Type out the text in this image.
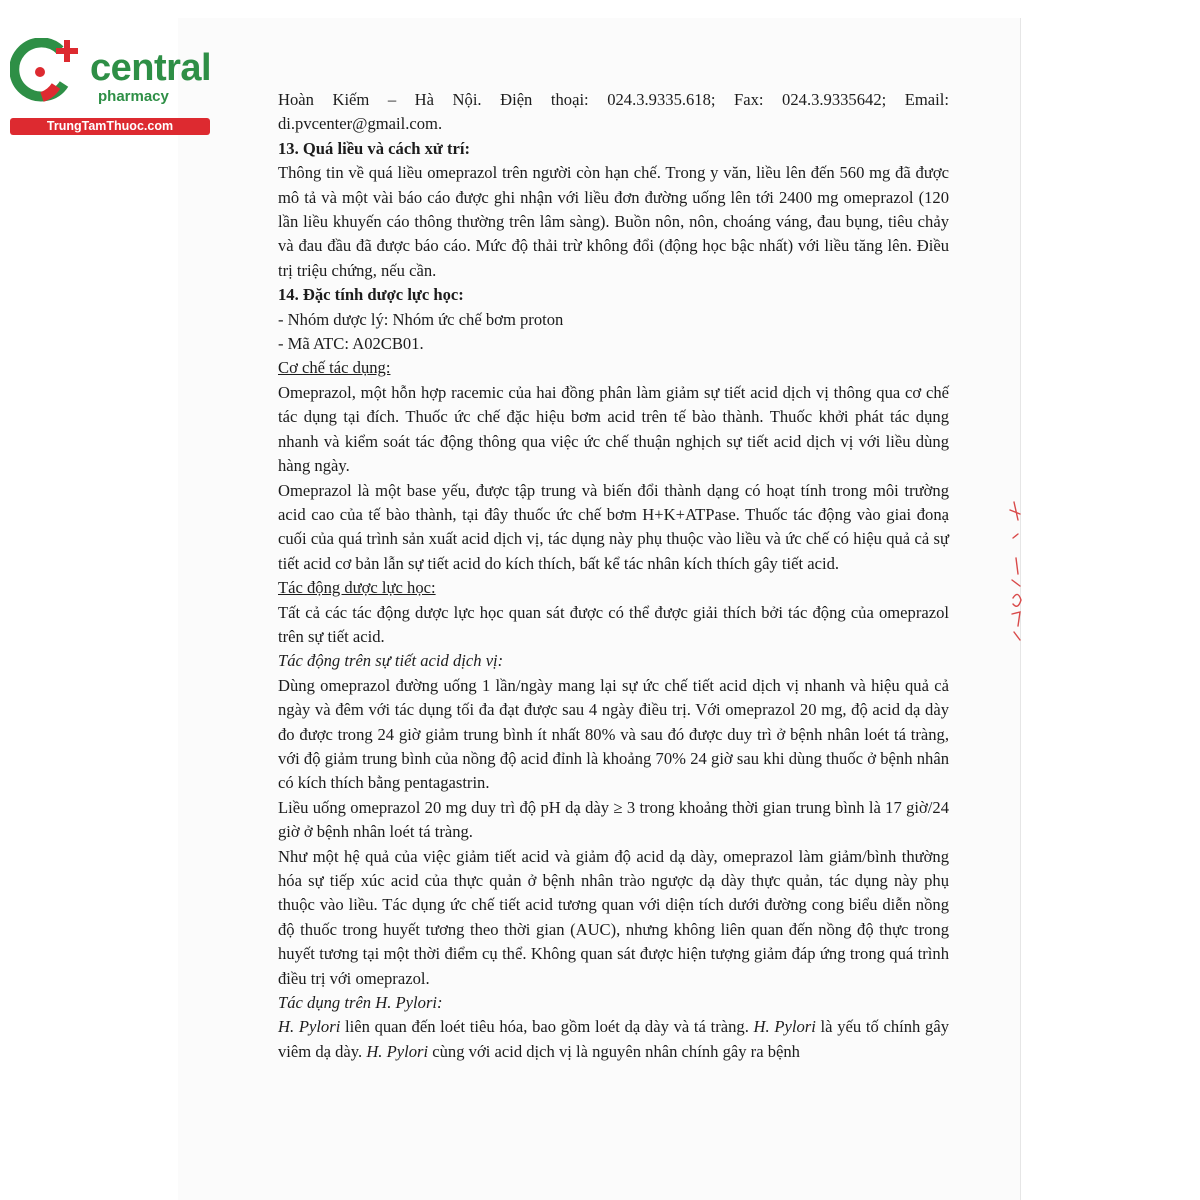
central
pharmacy
TrungTamThuoc.com

Hoàn Kiếm – Hà Nội. Điện thoại: 024.3.9335.618; Fax: 024.3.9335642; Email: di.pvcenter@gmail.com.

13. Quá liều và cách xử trí:

Thông tin về quá liều omeprazol trên người còn hạn chế. Trong y văn, liều lên đến 560 mg đã được mô tả và một vài báo cáo được ghi nhận với liều đơn đường uống lên tới 2400 mg omeprazol (120 lần liều khuyến cáo thông thường trên lâm sàng). Buồn nôn, nôn, choáng váng, đau bụng, tiêu chảy và đau đầu đã được báo cáo. Mức độ thải trừ không đổi (động học bậc nhất) với liều tăng lên. Điều trị triệu chứng, nếu cần.

14. Đặc tính dược lực học:

- Nhóm dược lý: Nhóm ức chế bơm proton

- Mã ATC: A02CB01.

Cơ chế tác dụng:

Omeprazol, một hỗn hợp racemic của hai đồng phân làm giảm sự tiết acid dịch vị thông qua cơ chế tác dụng tại đích. Thuốc ức chế đặc hiệu bơm acid trên tế bào thành. Thuốc khởi phát tác dụng nhanh và kiểm soát tác động thông qua việc ức chế thuận nghịch sự tiết acid dịch vị với liều dùng hàng ngày.

Omeprazol là một base yếu, được tập trung và biến đổi thành dạng có hoạt tính trong môi trường acid cao của tế bào thành, tại đây thuốc ức chế bơm H+K+ATPase. Thuốc tác động vào giai đonạ cuối của quá trình sản xuất acid dịch vị, tác dụng này phụ thuộc vào liều và ức chế có hiệu quả cả sự tiết acid cơ bản lẫn sự tiết acid do kích thích, bất kể tác nhân kích thích gây tiết acid.

Tác động dược lực học:

Tất cả các tác động dược lực học quan sát được có thể được giải thích bởi tác động của omeprazol trên sự tiết acid.

Tác động trên sự tiết acid dịch vị:

Dùng omeprazol đường uống 1 lần/ngày mang lại sự ức chế tiết acid dịch vị nhanh và hiệu quả cả ngày và đêm với tác dụng tối đa đạt được sau 4 ngày điều trị. Với omeprazol 20 mg, độ acid dạ dày đo được trong 24 giờ giảm trung bình ít nhất 80% và sau đó được duy trì ở bệnh nhân loét tá tràng, với độ giảm trung bình của nồng độ acid đỉnh là khoảng 70% 24 giờ sau khi dùng thuốc ở bệnh nhân có kích thích bằng pentagastrin.

Liều uống omeprazol 20 mg duy trì độ pH dạ dày ≥ 3 trong khoảng thời gian trung bình là 17 giờ/24 giờ ở bệnh nhân loét tá tràng.

Như một hệ quả của việc giảm tiết acid và giảm độ acid dạ dày, omeprazol làm giảm/bình thường hóa sự tiếp xúc acid của thực quản ở bệnh nhân trào ngược dạ dày thực quản, tác dụng này phụ thuộc vào liều. Tác dụng ức chế tiết acid tương quan với diện tích dưới đường cong biểu diễn nồng độ thuốc trong huyết tương theo thời gian (AUC), nhưng không liên quan đến nồng độ thực trong huyết tương tại một thời điểm cụ thể. Không quan sát được hiện tượng giảm đáp ứng trong quá trình điều trị với omeprazol.

Tác dụng trên H. Pylori:

H. Pylori liên quan đến loét tiêu hóa, bao gồm loét dạ dày và tá tràng. H. Pylori là yếu tố chính gây viêm dạ dày. H. Pylori cùng với acid dịch vị là nguyên nhân chính gây ra bệnh
